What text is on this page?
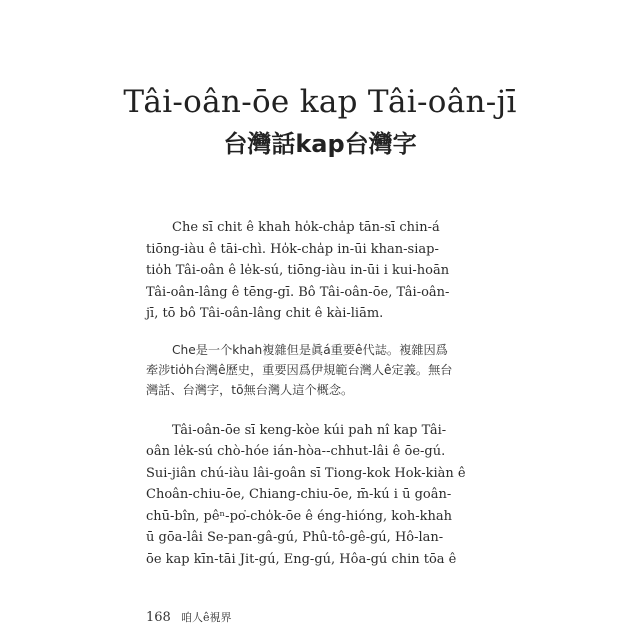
Tâi-oân-ōe kap Tâi-oân-jī
台灣話kap台灣字

Che sī chit ê khah ho̍k-cha̍p tān-sī chin-á
tiōng-iàu ê tāi-chì. Ho̍k-cha̍p in-ūi khan-siap-
tio̍h Tâi-oân ê le̍k-sú, tiōng-iàu in-ūi i kui-hoān
Tâi-oân-lâng ê tēng-gī. Bô Tâi-oân-ōe, Tâi-oân-
jī, tō bô Tâi-oân-lâng chit ê kài-liām.

Che是一个khah複雜但是眞á重要ê代誌。複雜因爲
牽涉tio̍h台灣ê歷史，重要因爲伊規範台灣人ê定義。無台
灣話、台灣字，tō無台灣人這个概念。

Tâi-oân-ōe sī keng-kòe kúi pah nî kap Tâi-
oân le̍k-sú chò-hóe ián-hòa--chhut-lâi ê ōe-gú.
Sui-jiân chú-iàu lâi-goân sī Tiong-kok Hok-kiàn ê
Choân-chiu-ōe, Chiang-chiu-ōe, m̄-kú i ū goân-
chū-bîn, pêⁿ-po͘-cho̍k-ōe ê éng-hióng, koh-khah
ū gōa-lâi Se-pan-gâ-gú, Phû-tô-gê-gú, Hô-lan-
ōe kap kīn-tāi Jit-gú, Eng-gú, Hôa-gú chin tōa ê

168 咱人ê視界
